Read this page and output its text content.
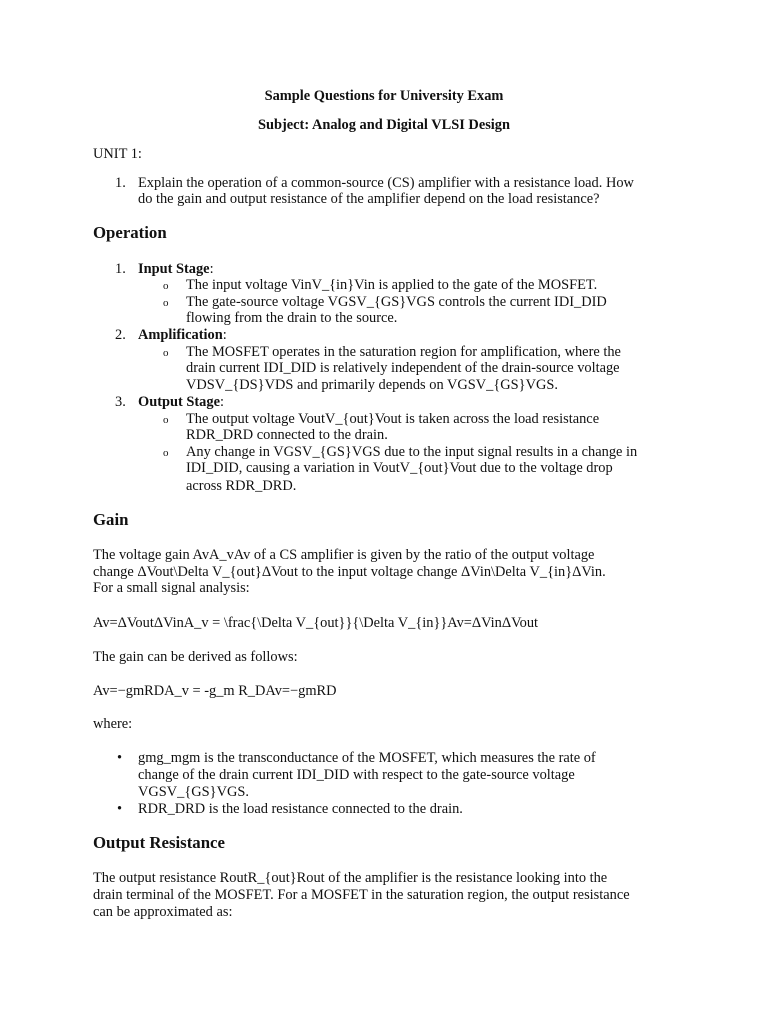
Sample Questions for University Exam
Subject: Analog and Digital VLSI Design
UNIT 1:
1. Explain the operation of a common-source (CS) amplifier with a resistance load. How
do the gain and output resistance of the amplifier depend on the load resistance?
Operation
1. Input Stage:
o The input voltage VinV_{in}Vin is applied to the gate of the MOSFET.
o The gate-source voltage VGSV_{GS}VGS controls the current IDI_DID
flowing from the drain to the source.
2. Amplification:
o The MOSFET operates in the saturation region for amplification, where the
drain current IDI_DID is relatively independent of the drain-source voltage
VDSV_{DS}VDS and primarily depends on VGSV_{GS}VGS.
3. Output Stage:
o The output voltage VoutV_{out}Vout is taken across the load resistance
RDR_DRD connected to the drain.
o Any change in VGSV_{GS}VGS due to the input signal results in a change in
IDI_DID, causing a variation in VoutV_{out}Vout due to the voltage drop
across RDR_DRD.
Gain
The voltage gain AvA_vAv of a CS amplifier is given by the ratio of the output voltage
change ΔVout\Delta V_{out}ΔVout to the input voltage change ΔVin\Delta V_{in}ΔVin.
For a small signal analysis:
Av=ΔVoutΔVinA_v = \frac{\Delta V_{out}}{\Delta V_{in}}Av=ΔVinΔVout
The gain can be derived as follows:
Av=−gmRDA_v = -g_m R_DAv=−gmRD
where:
• gmg_mgm is the transconductance of the MOSFET, which measures the rate of
change of the drain current IDI_DID with respect to the gate-source voltage
VGSV_{GS}VGS.
• RDR_DRD is the load resistance connected to the drain.
Output Resistance
The output resistance RoutR_{out}Rout of the amplifier is the resistance looking into the
drain terminal of the MOSFET. For a MOSFET in the saturation region, the output resistance
can be approximated as:
